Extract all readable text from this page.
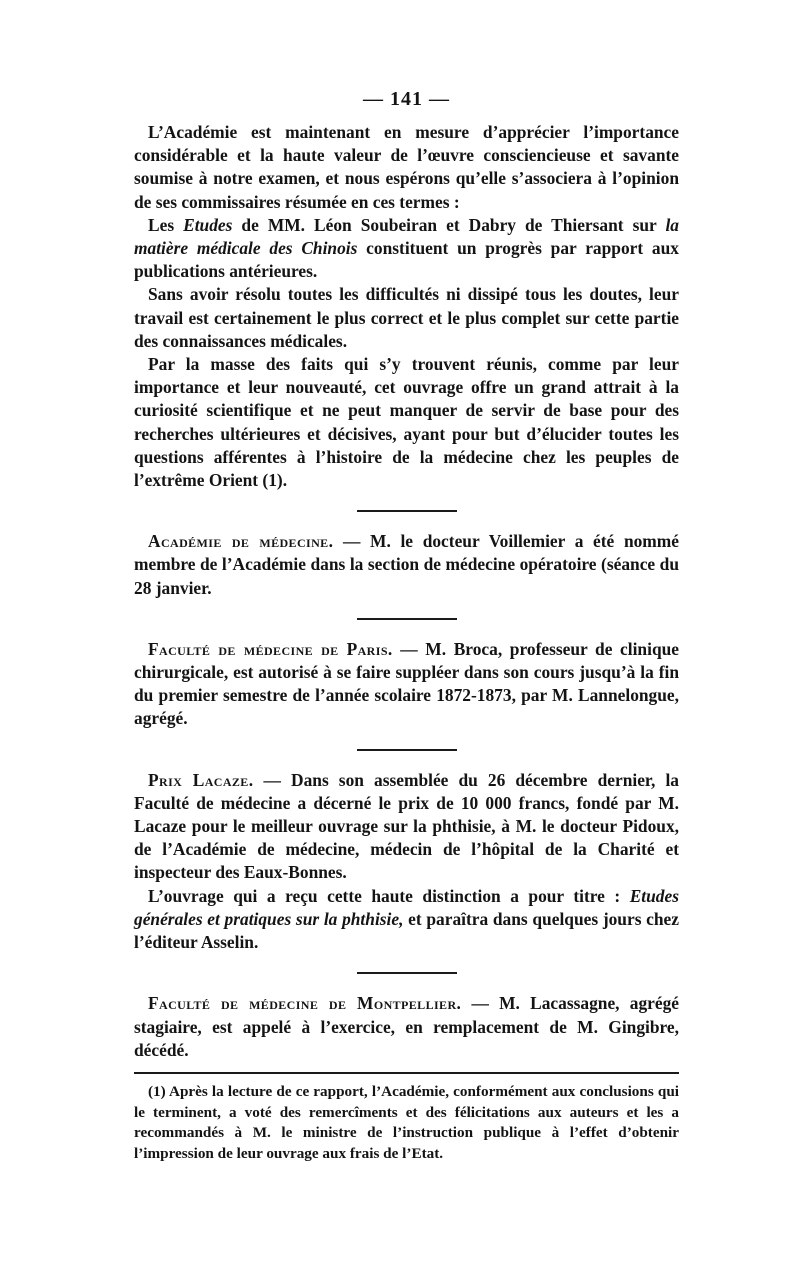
— 141 —

L’Académie est maintenant en mesure d’apprécier l’importance considérable et la haute valeur de l’œuvre consciencieuse et savante soumise à notre examen, et nous espérons qu’elle s’associera à l’opinion de ses commissaires résumée en ces termes :

Les Etudes de MM. Léon Soubeiran et Dabry de Thiersant sur la matière médicale des Chinois constituent un progrès par rapport aux publications antérieures.

Sans avoir résolu toutes les difficultés ni dissipé tous les doutes, leur travail est certainement le plus correct et le plus complet sur cette partie des connaissances médicales.

Par la masse des faits qui s’y trouvent réunis, comme par leur importance et leur nouveauté, cet ouvrage offre un grand attrait à la curiosité scientifique et ne peut manquer de servir de base pour des recherches ultérieures et décisives, ayant pour but d’élucider toutes les questions afférentes à l’histoire de la médecine chez les peuples de l’extrême Orient (1).

Académie de médecine. — M. le docteur Voillemier a été nommé membre de l’Académie dans la section de médecine opératoire (séance du 28 janvier.

Faculté de médecine de Paris. — M. Broca, professeur de clinique chirurgicale, est autorisé à se faire suppléer dans son cours jusqu’à la fin du premier semestre de l’année scolaire 1872-1873, par M. Lannelongue, agrégé.

Prix Lacaze. — Dans son assemblée du 26 décembre dernier, la Faculté de médecine a décerné le prix de 10 000 francs, fondé par M. Lacaze pour le meilleur ouvrage sur la phthisie, à M. le docteur Pidoux, de l’Académie de médecine, médecin de l’hôpital de la Charité et inspecteur des Eaux-Bonnes.

L’ouvrage qui a reçu cette haute distinction a pour titre : Etudes générales et pratiques sur la phthisie, et paraîtra dans quelques jours chez l’éditeur Asselin.

Faculté de médecine de Montpellier. — M. Lacassagne, agrégé stagiaire, est appelé à l’exercice, en remplacement de M. Gingibre, décédé.

(1) Après la lecture de ce rapport, l’Académie, conformément aux conclusions qui le terminent, a voté des remercîments et des félicitations aux auteurs et les a recommandés à M. le ministre de l’instruction publique à l’effet d’obtenir l’impression de leur ouvrage aux frais de l’Etat.
